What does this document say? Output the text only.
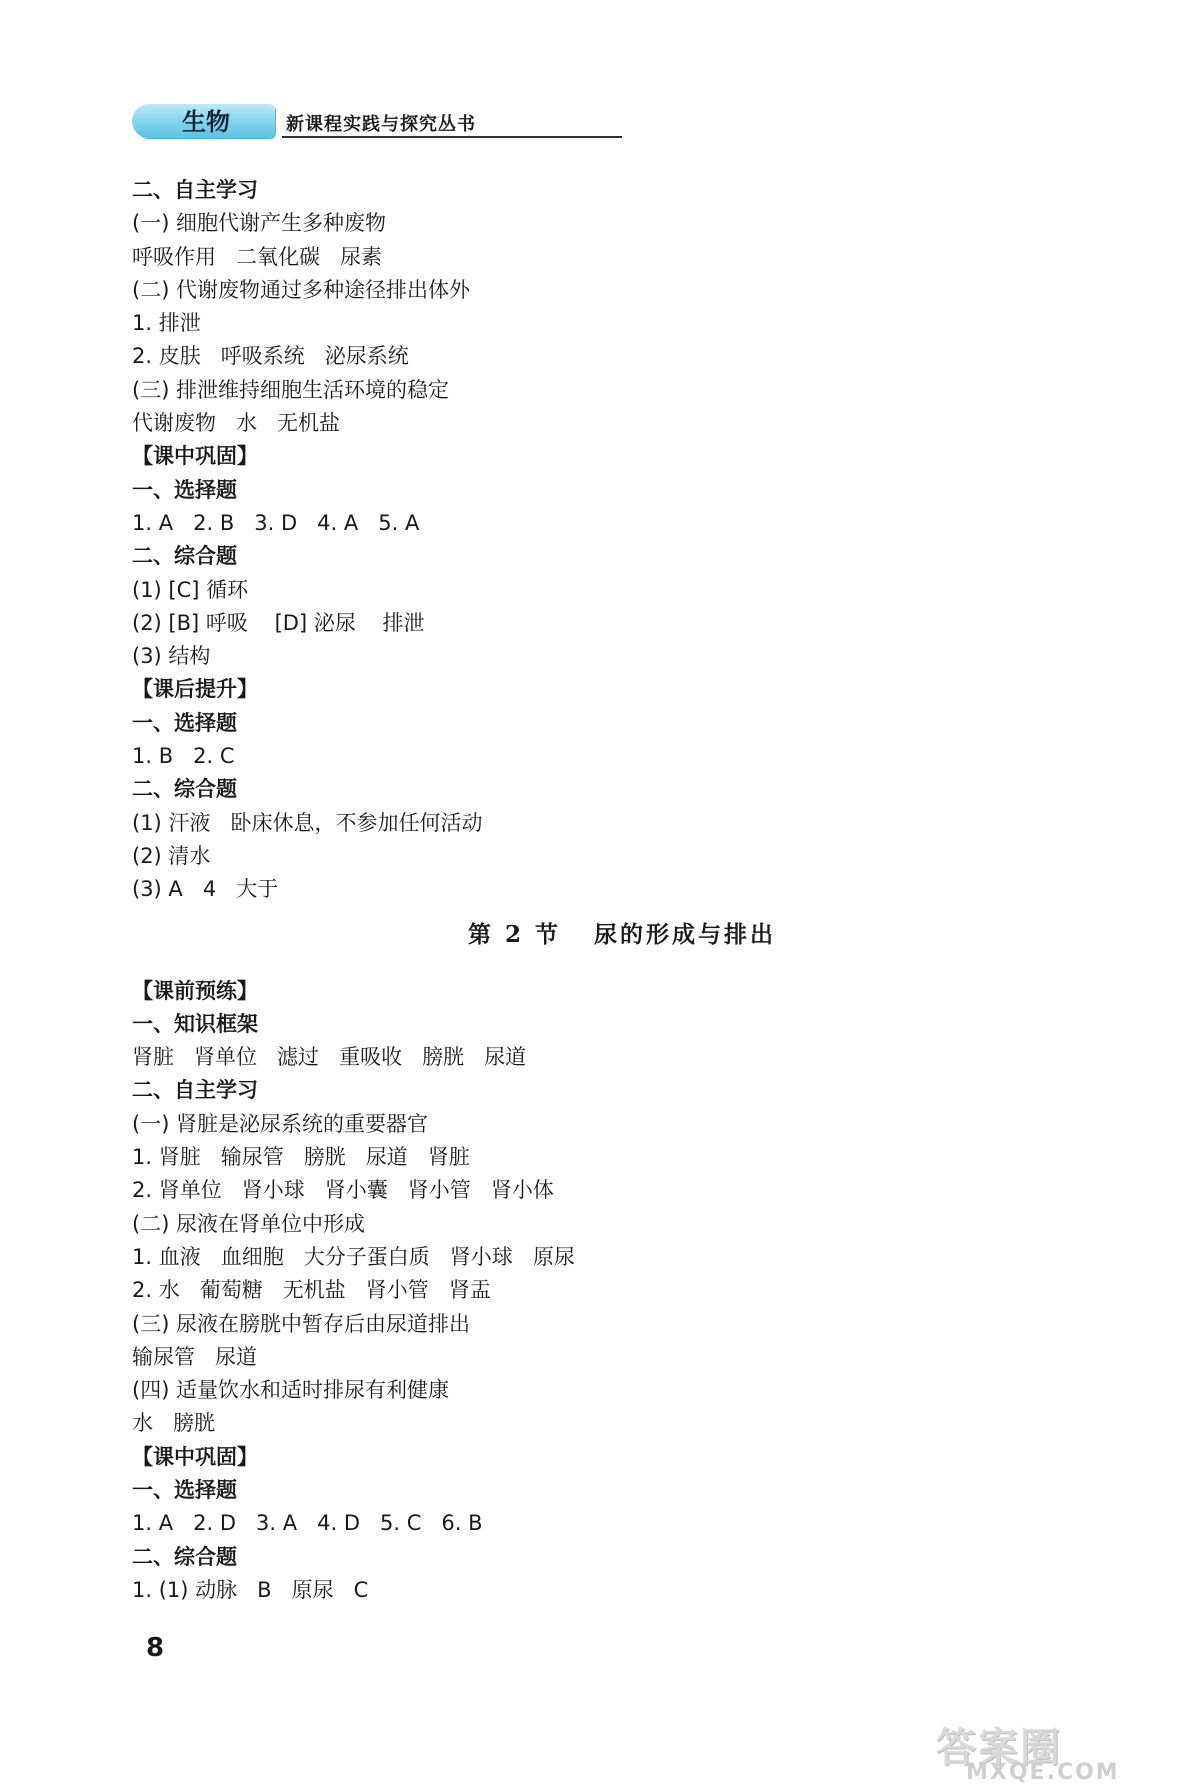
生物	新课程实践与探究丛书
二、自主学习
(一) 细胞代谢产生多种废物
呼吸作用   二氧化碳   尿素
(二) 代谢废物通过多种途径排出体外
1. 排泄
2. 皮肤   呼吸系统   泌尿系统
(三) 排泄维持细胞生活环境的稳定
代谢废物   水   无机盐
【课中巩固】
一、选择题
1. A   2. B   3. D   4. A   5. A
二、综合题
(1) [C] 循环
(2) [B] 呼吸    [D] 泌尿    排泄
(3) 结构
【课后提升】
一、选择题
1. B   2. C
二、综合题
(1) 汗液   卧床休息，不参加任何活动
(2) 清水
(3) A   4   大于
第 2 节   尿的形成与排出
【课前预练】
一、知识框架
肾脏   肾单位   滤过   重吸收   膀胱   尿道
二、自主学习
(一) 肾脏是泌尿系统的重要器官
1. 肾脏   输尿管   膀胱   尿道   肾脏
2. 肾单位   肾小球   肾小囊   肾小管   肾小体
(二) 尿液在肾单位中形成
1. 血液   血细胞   大分子蛋白质   肾小球   原尿
2. 水   葡萄糖   无机盐   肾小管   肾盂
(三) 尿液在膀胱中暂存后由尿道排出
输尿管   尿道
(四) 适量饮水和适时排尿有利健康
水   膀胱
【课中巩固】
一、选择题
1. A   2. D   3. A   4. D   5. C   6. B
二、综合题
1. (1) 动脉   B   原尿   C
8
答案圈
MXQE.COM
